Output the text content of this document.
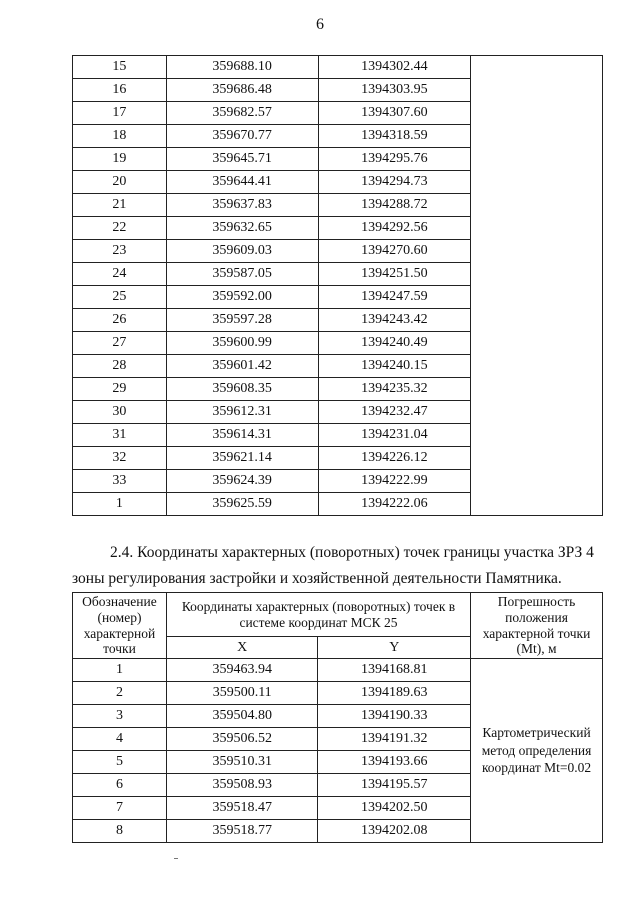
6
15	359688.10	1394302.44	
16	359686.48	1394303.95	
17	359682.57	1394307.60	
18	359670.77	1394318.59	
19	359645.71	1394295.76	
20	359644.41	1394294.73	
21	359637.83	1394288.72	
22	359632.65	1394292.56	
23	359609.03	1394270.60	
24	359587.05	1394251.50	
25	359592.00	1394247.59	
26	359597.28	1394243.42	
27	359600.99	1394240.49	
28	359601.42	1394240.15	
29	359608.35	1394235.32	
30	359612.31	1394232.47	
31	359614.31	1394231.04	
32	359621.14	1394226.12	
33	359624.39	1394222.99	
1	359625.59	1394222.06	
2.4. Координаты характерных (поворотных) точек границы участка ЗРЗ 4
зоны регулирования застройки и хозяйственной деятельности Памятника.
Обозначение (номер) характерной точки	Координаты характерных (поворотных) точек в системе координат МСК 25		Погрешность положения характерной точки (Mt), м
	X	Y	
1	359463.94	1394168.81	Картометрический метод определения координат Mt=0.02
2	359500.11	1394189.63	
3	359504.80	1394190.33	
4	359506.52	1394191.32	
5	359510.31	1394193.66	
6	359508.93	1394195.57	
7	359518.47	1394202.50	
8	359518.77	1394202.08	
